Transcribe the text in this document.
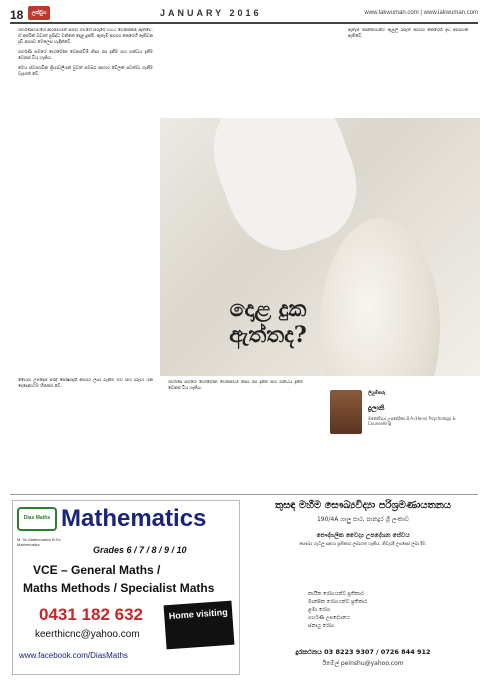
18	ලක්වුෆ	JANUARY 2016	www.lakwuman.com | www.lakwuman.com

ගර්භණීභාවයේ ආරම්භයත් සමඟ මවගේ සිරුරේ විවිධ වෙනස්කම් ඇතිවේ. ඒ අතරින් වඩාත් ප්‍රසිද්ධ වන්නේ දොළ දුකයි. ඇතැම් ආහාර කෙරෙහි ඇතිවන දැඩි ආශාව මෙලෙස හැඳින්වේ.

ගර්භණී සමයේ හෝමෝන වෙනස්වීම් නිසා රස දැනීම සහ ගන්ධය දැනීම වෙනස් විය හැකිය.

මෙය ස්වාභාවික ක්‍රියාවලියක් වුවත් සමබර ආහාර වේලක් පවත්වා ගැනීම වැදගත් වේ.

ඇතැම් කාන්තාවන්ට ඇඹුල් රසැති ආහාර කෙරෙහි දැඩි ආශාවක් ඇතිවේ.

දොළ දුක
ඇත්තද?

වෛද්‍ය උපදෙස් පරිදි පෝෂ්‍යදායී ආහාර ලබා ගැනීම මව සහ දරුවා යන දෙදෙනාටම හිතකර වේ.

ගර්භණී සමයේ හෝමෝන වෙනස්වීම් නිසා රස දැනීම සහ ගන්ධය දැනීම වෙනස් විය හැකිය.

ලියුම්කරු
දුලානි
මනෝවිද්‍යා උපදේශිකා B.A.(Hons) Psychology & Counselling
Dias Maths Mathematics
M. Sc Mathematics B.Sc Mathematics
Grades 6 / 7 / 8 / 9 / 10
VCE – General Maths /
Maths Methods / Specialist Maths
0431 182 632
keerthicnc@yahoo.com
www.facebook.com/DiasMaths
Home visiting
තුසඳ මහීම සෞඛ්‍යවිද්‍යා පරිශ්‍රමණායතනය
190/4A ගාලු පාර, පානදුර ශ්‍රී ලංකාව
පෞද්ගලික වෛද්‍ය උපදේශන සේවය
සෞඛ්‍ය ගැටලු සඳහා ප්‍රතිකාර ලබාගත හැකිය. නිවැරදි උපදෙස් ලබා දීම.
කායික රෝගයන්ට ප්‍රතිකාර
මානසික රෝගයන්ට ප්‍රතිකාර
ළමා රෝග
ගර්භණී උපදේශනය
ස්නායු රෝග
දුරකථනය 03 8223 9307 / 0726 844 912
ඊමේල් peinshu@yahoo.com
